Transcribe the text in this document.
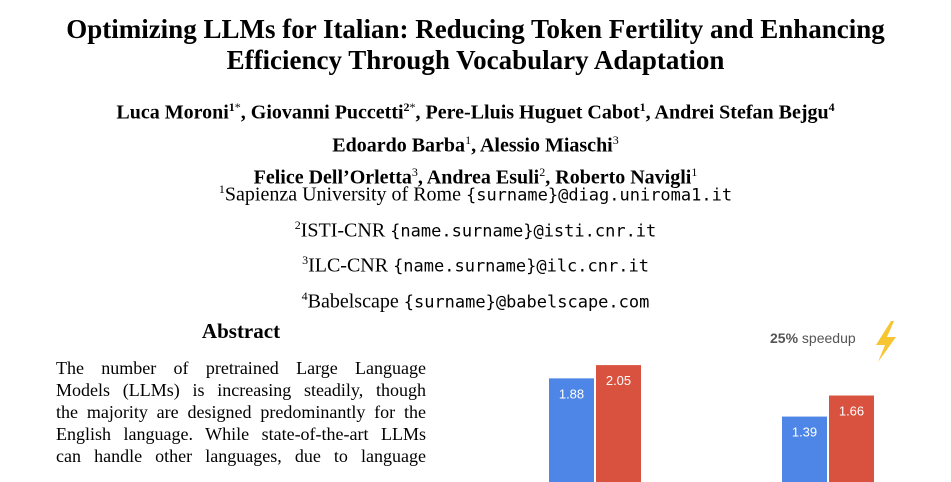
Optimizing LLMs for Italian: Reducing Token Fertility and Enhancing
Efficiency Through Vocabulary Adaptation
Luca Moroni$^{1*}$, Giovanni Puccetti$^{2*}$, Pere-Lluis Huguet Cabot$^1$, Andrei Stefan Bejgu$^4$
Edoardo Barba$^1$, Alessio Miaschi$^3$
Felice Dell’Orletta$^3$, Andrea Esuli$^2$, Roberto Navigli$^1$
$^1$Sapienza University of Rome {surname}@diag.uniroma1.it
$^2$ISTI-CNR {name.surname}@isti.cnr.it
$^3$ILC-CNR {name.surname}@ilc.cnr.it
$^4$Babelscape {surname}@babelscape.com
Abstract
The number of pretrained Large Language
Models (LLMs) is increasing steadily, though
the majority are designed predominantly for the
English language. While state-of-the-art LLMs
can handle other languages, due to language
1.88
2.05
1.39
1.66
25% speedup
